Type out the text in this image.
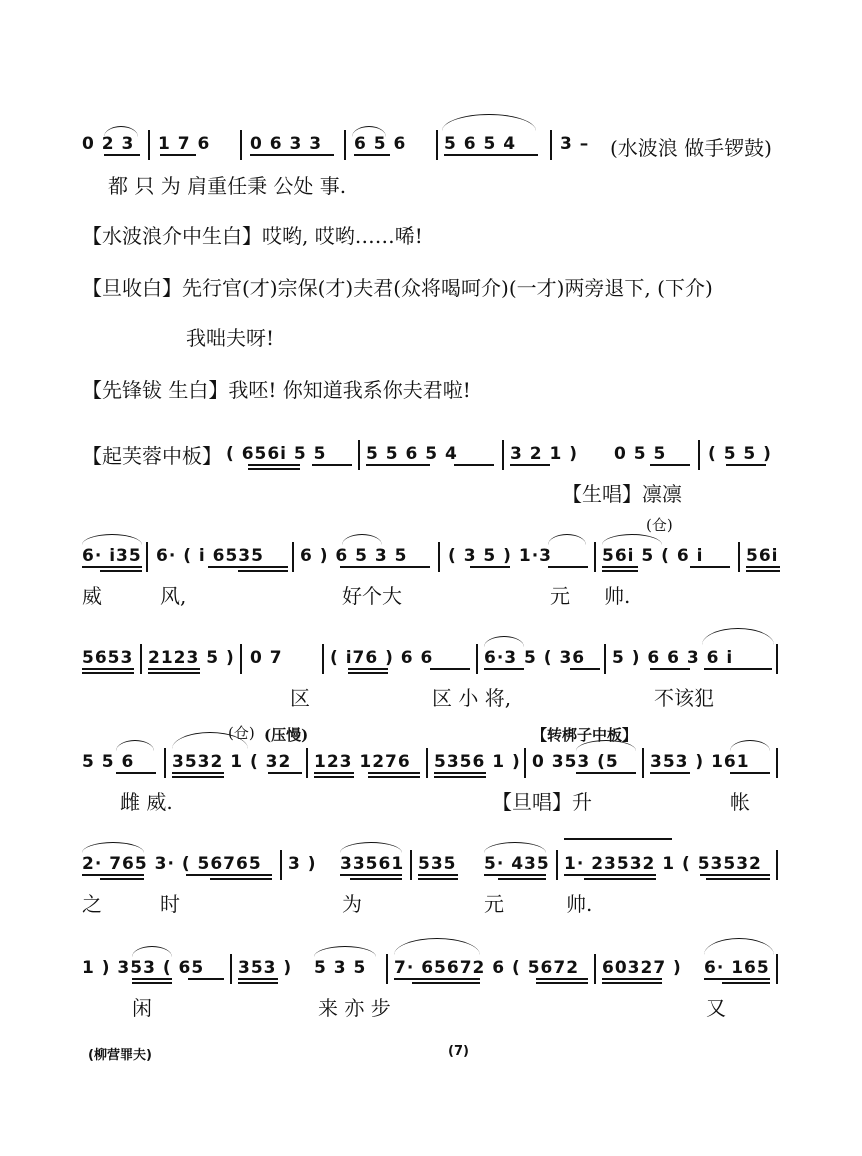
0 2 3 1 7 6 0 6 3 3 6 5 6 5 6 5 4	3 – (水波浪 做手锣鼓)
都 只 为 肩重任秉 公处 事.
【水波浪介中生白】哎哟, 哎哟……唏!
【旦收白】先行官(才)宗保(才)夫君(众将喝呵介)(一才)两旁退下, (下介)
我咄夫呀!
【先锋钹 生白】我呸! 你知道我系你夫君啦!
【起芙蓉中板】 ( 656i 5 5 5 5 6 5 4	3 2 1 ) 0 5 5 ( 5 5 )
【生唱】凛凛
(仓)
6· i35 6· ( i 6535 6 ) 6 5 3 5 ( 3 5 ) 1·3	56i 5 ( 6 i	56i
威	风,	好个大	元 帅.
5653 2123 5 ) 0 7	( i76 ) 6 6	6·3 5 ( 36 5 ) 6 6 3 6 i
区	区 小 将,	不该犯
(仓) (压慢)	【转梆子中板】
5 5 6 3532 1 ( 32 123 1276 5356 1 ) 0 353 (5 353 ) 161
雌 威.	【旦唱】升	帐
2· 765 3· ( 56765 3 ) 33561 535 5· 435 1· 23532 1 ( 53532
之	时	为	元	帅.
1 ) 353 ( 65 353 ) 5 3 5 7· 65672 6 ( 5672 60327 ) 6· 165
闲	来 亦 步	又
(柳营罪夫)	(7)
